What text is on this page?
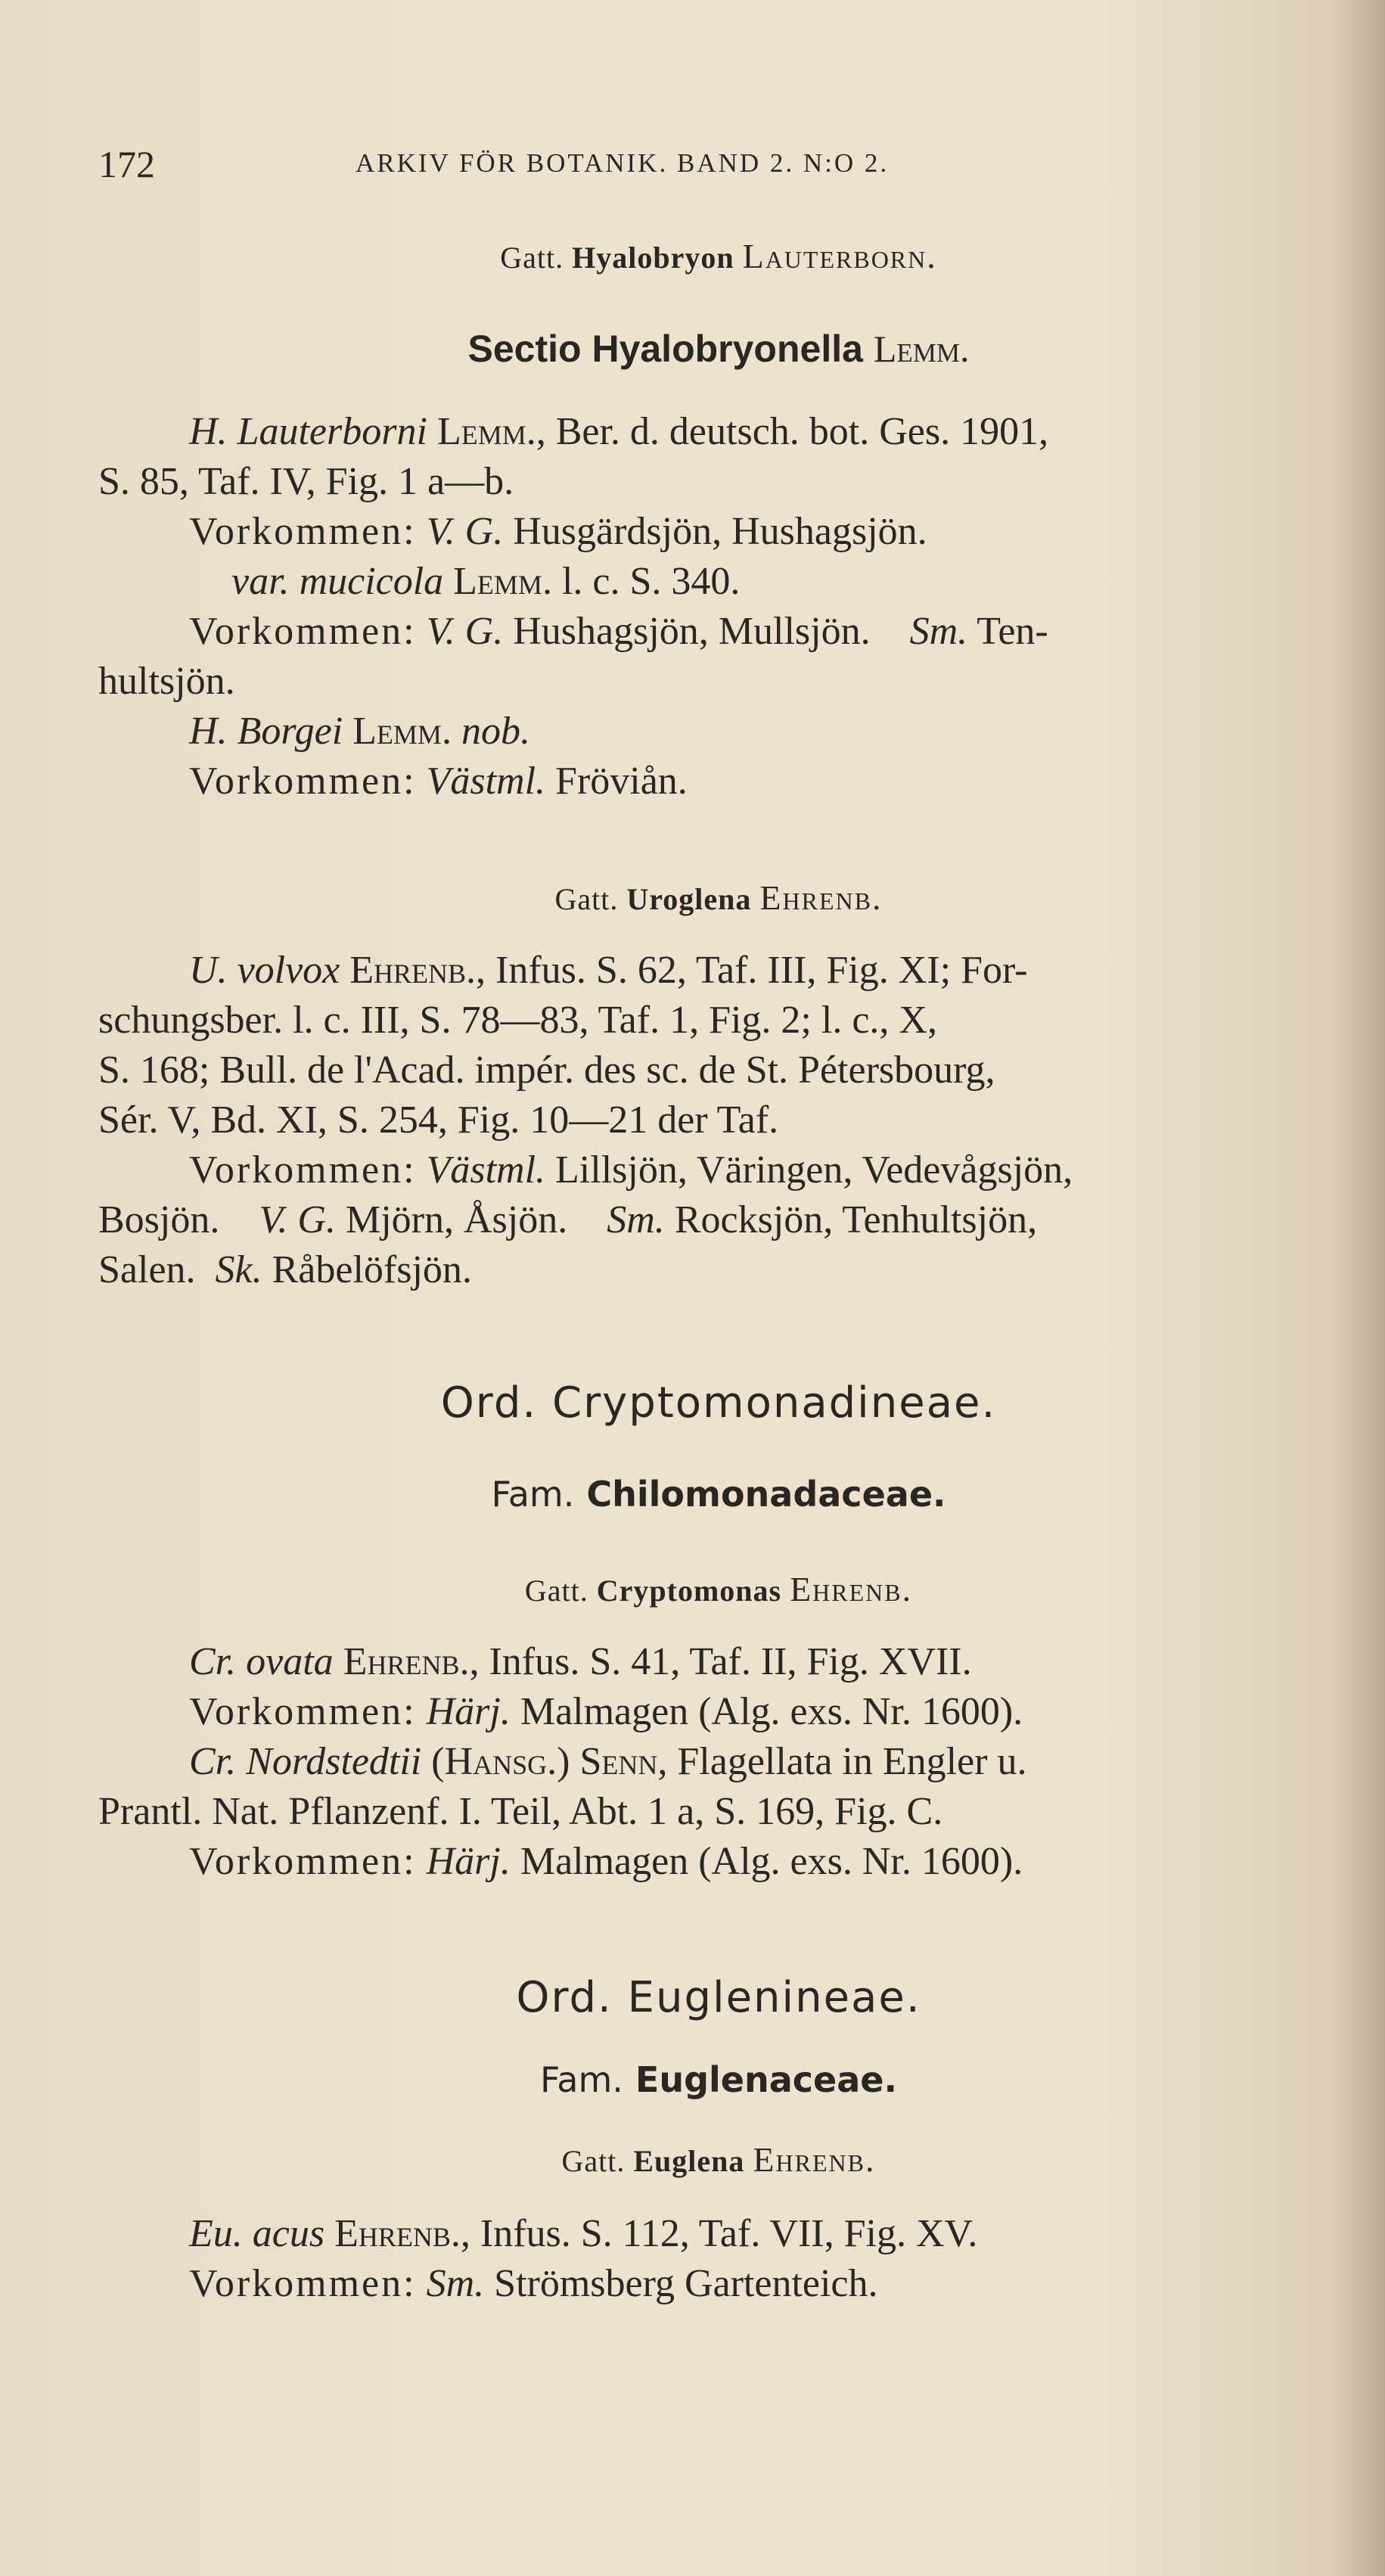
172	ARKIV FÖR BOTANIK. BAND 2. N:O 2.
Gatt. Hyalobryon Lauterborn.
Sectio Hyalobryonella Lemm.
H. Lauterborni Lemm., Ber. d. deutsch. bot. Ges. 1901,
S. 85, Taf. IV, Fig. 1 a—b.
Vorkommen: V. G. Husgärdsjön, Hushagsjön.
var. mucicola Lemm. l. c. S. 340.
Vorkommen: V. G. Hushagsjön, Mullsjön. Sm. Ten-
hultsjön.
H. Borgei Lemm. nob.
Vorkommen: Västml. Fröviån.
Gatt. Uroglena Ehrenb.
U. volvox Ehrenb., Infus. S. 62, Taf. III, Fig. XI; For-
schungsber. l. c. III, S. 78—83, Taf. 1, Fig. 2; l. c., X,
S. 168; Bull. de l'Acad. impér. des sc. de St. Pétersbourg,
Sér. V, Bd. XI, S. 254, Fig. 10—21 der Taf.
Vorkommen: Västml. Lillsjön, Väringen, Vedevågsjön,
Bosjön. V. G. Mjörn, Åsjön. Sm. Rocksjön, Tenhultsjön,
Salen. Sk. Råbelöfsjön.
Ord. Cryptomonadineae.
Fam. Chilomonadaceae.
Gatt. Cryptomonas Ehrenb.
Cr. ovata Ehrenb., Infus. S. 41, Taf. II, Fig. XVII.
Vorkommen: Härj. Malmagen (Alg. exs. Nr. 1600).
Cr. Nordstedtii (Hansg.) Senn, Flagellata in Engler u.
Prantl. Nat. Pflanzenf. I. Teil, Abt. 1 a, S. 169, Fig. C.
Vorkommen: Härj. Malmagen (Alg. exs. Nr. 1600).
Ord. Euglenineae.
Fam. Euglenaceae.
Gatt. Euglena Ehrenb.
Eu. acus Ehrenb., Infus. S. 112, Taf. VII, Fig. XV.
Vorkommen: Sm. Strömsberg Gartenteich.
